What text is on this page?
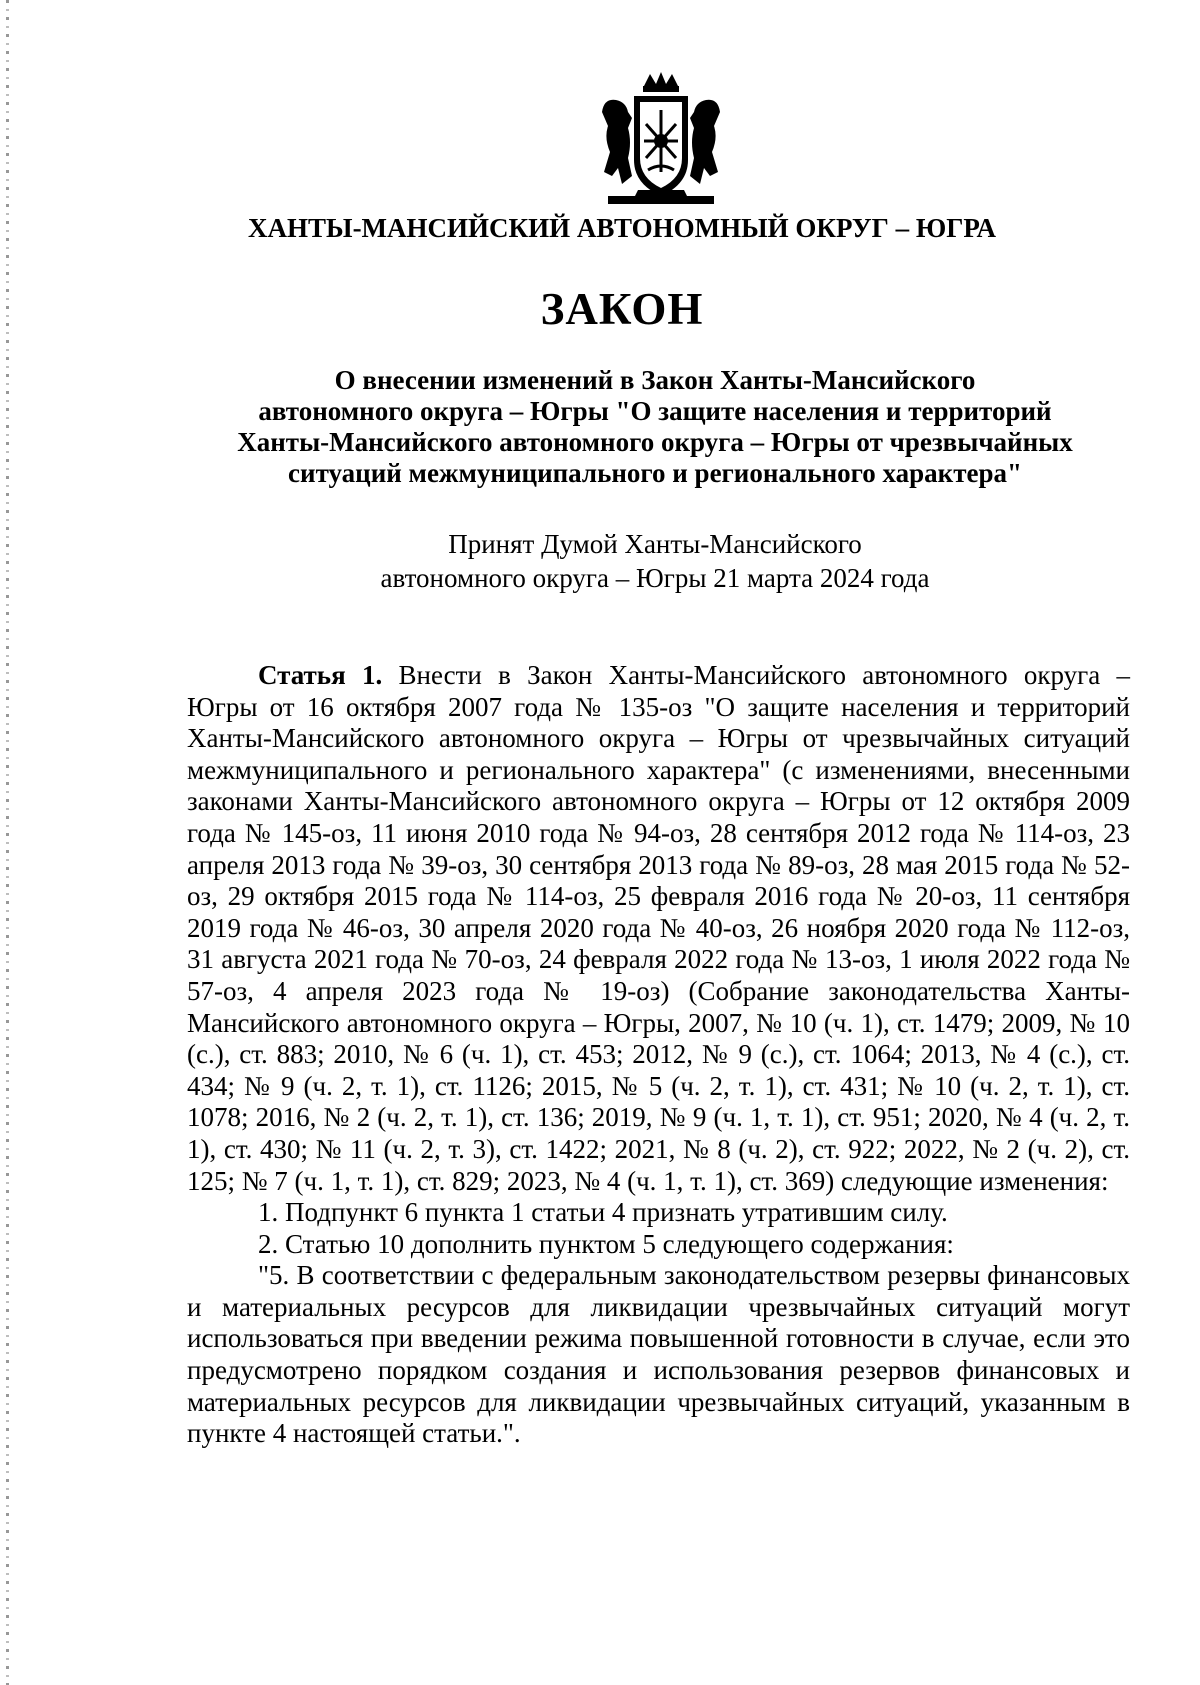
ХАНТЫ-МАНСИЙСКИЙ АВТОНОМНЫЙ ОКРУГ – ЮГРА
ЗАКОН
О внесении изменений в Закон Ханты-Мансийского
автономного округа – Югры "О защите населения и территорий
Ханты-Мансийского автономного округа – Югры от чрезвычайных
ситуаций межмуниципального и регионального характера"
Принят Думой Ханты-Мансийского
автономного округа – Югры 21 марта 2024 года

Статья 1. Внести в Закон Ханты-Мансийского автономного округа – Югры от 16 октября 2007 года № 135-оз "О защите населения и территорий Ханты-Мансийского автономного округа – Югры от чрезвычайных ситуаций межмуниципального и регионального характера" (с изменениями, внесенными законами Ханты-Мансийского автономного округа – Югры от 12 октября 2009 года № 145-оз, 11 июня 2010 года № 94-оз, 28 сентября 2012 года № 114-оз, 23 апреля 2013 года № 39-оз, 30 сентября 2013 года № 89-оз, 28 мая 2015 года № 52-оз, 29 октября 2015 года № 114-оз, 25 февраля 2016 года № 20-оз, 11 сентября 2019 года № 46-оз, 30 апреля 2020 года № 40-оз, 26 ноября 2020 года № 112-оз, 31 августа 2021 года № 70-оз, 24 февраля 2022 года № 13-оз, 1 июля 2022 года № 57-оз, 4 апреля 2023 года № 19-оз) (Собрание законодательства Ханты-Мансийского автономного округа – Югры, 2007, № 10 (ч. 1), ст. 1479; 2009, № 10 (с.), ст. 883; 2010, № 6 (ч. 1), ст. 453; 2012, № 9 (с.), ст. 1064; 2013, № 4 (с.), ст. 434; № 9 (ч. 2, т. 1), ст. 1126; 2015, № 5 (ч. 2, т. 1), ст. 431; № 10 (ч. 2, т. 1), ст. 1078; 2016, № 2 (ч. 2, т. 1), ст. 136; 2019, № 9 (ч. 1, т. 1), ст. 951; 2020, № 4 (ч. 2, т. 1), ст. 430; № 11 (ч. 2, т. 3), ст. 1422; 2021, № 8 (ч. 2), ст. 922; 2022, № 2 (ч. 2), ст. 125; № 7 (ч. 1, т. 1), ст. 829; 2023, № 4 (ч. 1, т. 1), ст. 369) следующие изменения:

1. Подпункт 6 пункта 1 статьи 4 признать утратившим силу.

2. Статью 10 дополнить пунктом 5 следующего содержания:

"5. В соответствии с федеральным законодательством резервы финансовых и материальных ресурсов для ликвидации чрезвычайных ситуаций могут использоваться при введении режима повышенной готовности в случае, если это предусмотрено порядком создания и использования резервов финансовых и материальных ресурсов для ликвидации чрезвычайных ситуаций, указанным в пункте 4 настоящей статьи.".
